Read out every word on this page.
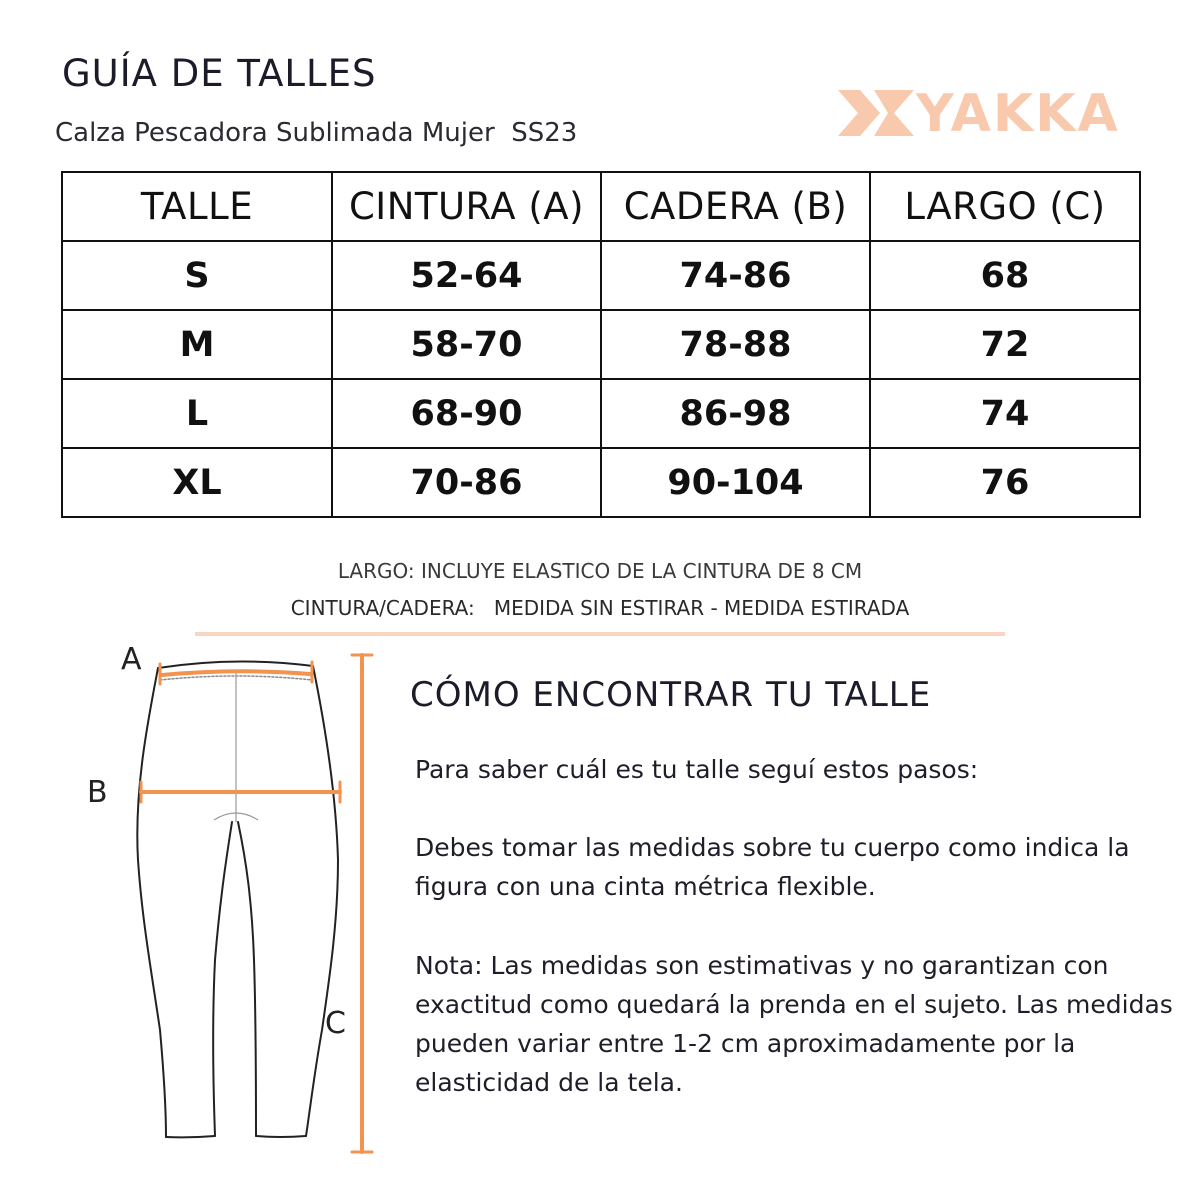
GUÍA DE TALLES
Calza Pescadora Sublimada Mujer  SS23	YAKKA
TALLE	CINTURA (A)	CADERA (B)	LARGO (C)
S	52-64	74-86	68
M	58-70	78-88	72
L	68-90	86-98	74
XL	70-86	90-104	76
LARGO: INCLUYE ELASTICO DE LA CINTURA DE 8 CM
CINTURA/CADERA:   MEDIDA SIN ESTIRAR - MEDIDA ESTIRADA
A
B
C
CÓMO ENCONTRAR TU TALLE

Para saber cuál es tu talle seguí estos pasos:

Debes tomar las medidas sobre tu cuerpo como indica la figura con una cinta métrica flexible.

Nota: Las medidas son estimativas y no garantizan con exactitud como quedará la prenda en el sujeto. Las medidas pueden variar entre 1-2 cm aproximadamente por la elasticidad de la tela.
